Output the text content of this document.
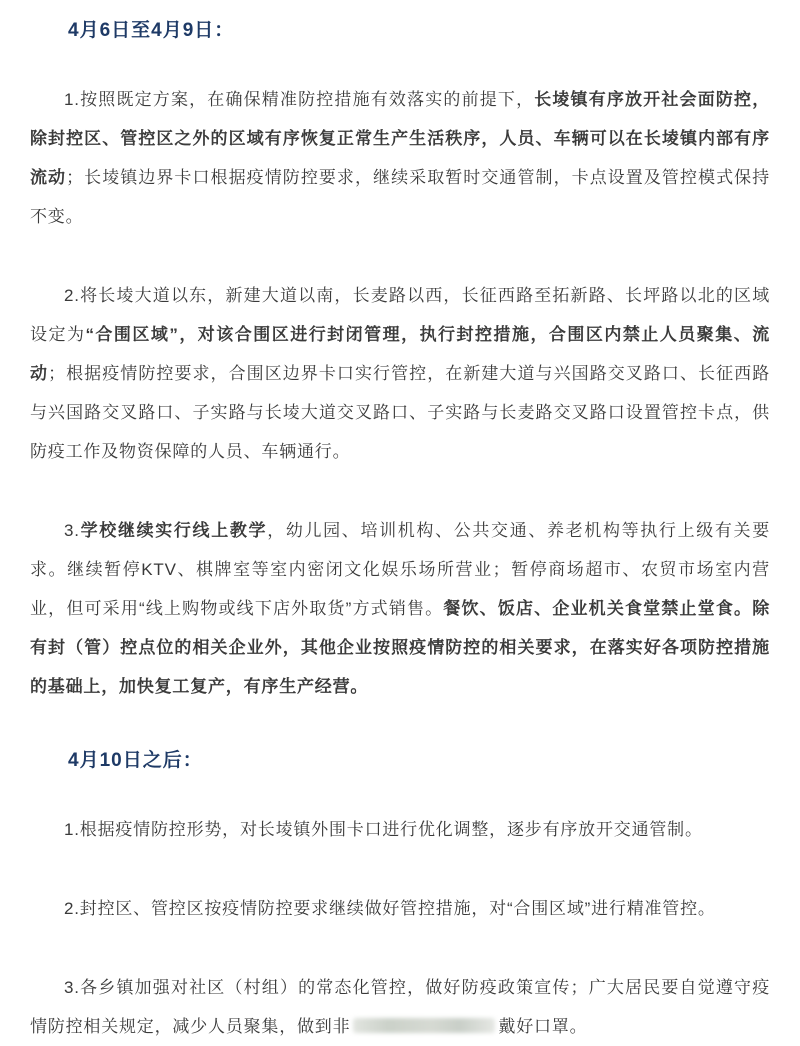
4月6日至4月9日：

1.按照既定方案，在确保精准防控措施有效落实的前提下，长堎镇有序放开社会面防控，除封控区、管控区之外的区域有序恢复正常生产生活秩序，人员、车辆可以在长堎镇内部有序流动；长堎镇边界卡口根据疫情防控要求，继续采取暂时交通管制，卡点设置及管控模式保持不变。

2.将长堎大道以东，新建大道以南，长麦路以西，长征西路至拓新路、长坪路以北的区域设定为“合围区域”，对该合围区进行封闭管理，执行封控措施，合围区内禁止人员聚集、流动；根据疫情防控要求，合围区边界卡口实行管控，在新建大道与兴国路交叉路口、长征西路与兴国路交叉路口、子实路与长堎大道交叉路口、子实路与长麦路交叉路口设置管控卡点，供防疫工作及物资保障的人员、车辆通行。

3.学校继续实行线上教学，幼儿园、培训机构、公共交通、养老机构等执行上级有关要求。继续暂停KTV、棋牌室等室内密闭文化娱乐场所营业；暂停商场超市、农贸市场室内营业，但可采用“线上购物或线下店外取货”方式销售。餐饮、饭店、企业机关食堂禁止堂食。除有封（管）控点位的相关企业外，其他企业按照疫情防控的相关要求，在落实好各项防控措施的基础上，加快复工复产，有序生产经营。

4月10日之后：

1.根据疫情防控形势，对长堎镇外围卡口进行优化调整，逐步有序放开交通管制。

2.封控区、管控区按疫情防控要求继续做好管控措施，对“合围区域”进行精准管控。

3.各乡镇加强对社区（村组）的常态化管控，做好防疫政策宣传；广大居民要自觉遵守疫情防控相关规定，减少人员聚集，做到非	戴好口罩。
